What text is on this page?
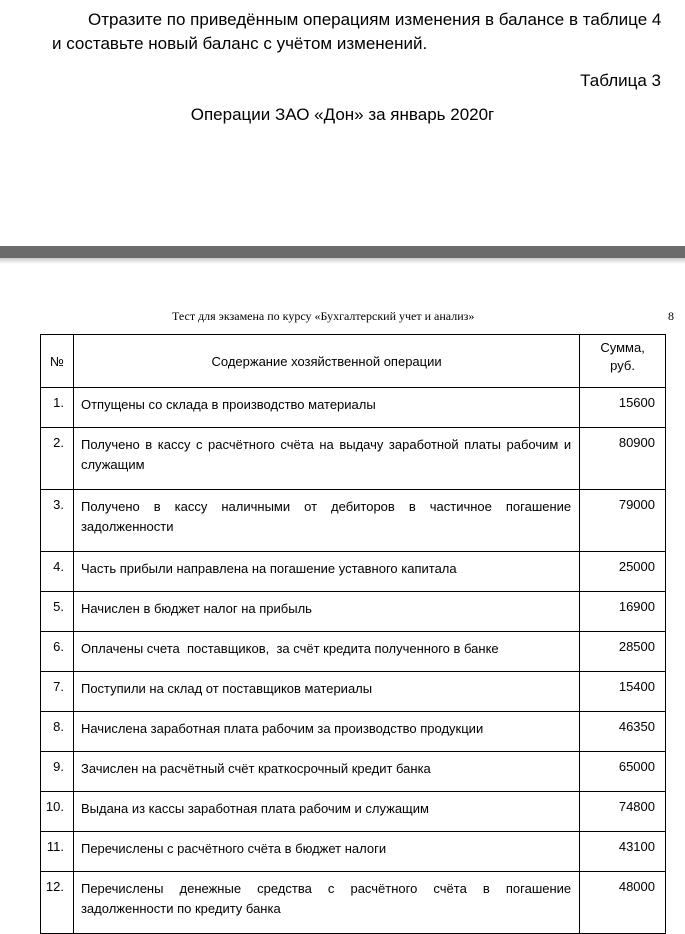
Отразите по приведённым операциям изменения в балансе в таблице 4 и составьте новый баланс с учётом изменений.

Таблица 3

Операции ЗАО «Дон» за январь 2020г

Тест для экзамена по курсу «Бухгалтерский учет и анализ»	8
№	Содержание хозяйственной операции	Сумма,
руб.
1.	Отпущены со склада в производство материалы	15600
2.	Получено в кассу с расчётного счёта на выдачу заработной платы рабочим и служащим	80900
3.	Получено в кассу наличными от дебиторов в частичное погашение задолженности	79000
4.	Часть прибыли направлена на погашение уставного капитала	25000
5.	Начислен в бюджет налог на прибыль	16900
6.	Оплачены счета  поставщиков,  за счёт кредита полученного в банке	28500
7.	Поступили на склад от поставщиков материалы	15400
8.	Начислена заработная плата рабочим за производство продукции	46350
9.	Зачислен на расчётный счёт краткосрочный кредит банка	65000
10.	Выдана из кассы заработная плата рабочим и служащим	74800
11.	Перечислены с расчётного счёта в бюджет налоги	43100
12.	Перечислены денежные средства с расчётного счёта в погашение задолженности по кредиту банка	48000
